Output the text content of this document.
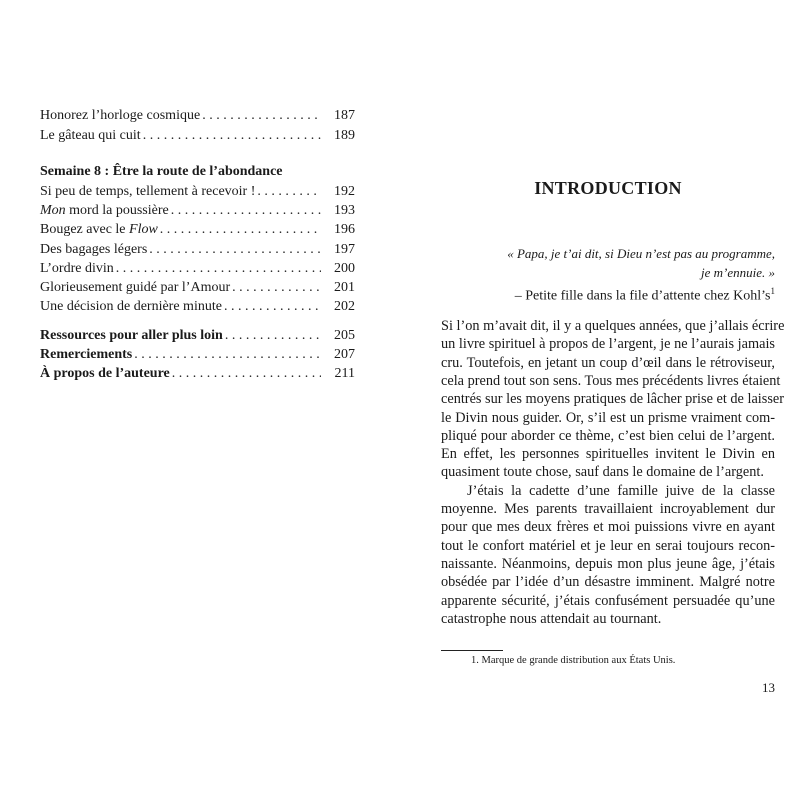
Honorez l’horloge cosmique . . .	187
Le gâteau qui cuit . . .	189
Semaine 8 : Être la route de l’abondance
Si peu de temps, tellement à recevoir ! . . .	192
Mon mord la poussière . . .	193
Bougez avec le Flow . . .	196
Des bagages légers . . .	197
L’ordre divin . . .	200
Glorieusement guidé par l’Amour . . .	201
Une décision de dernière minute . . .	202
Ressources pour aller plus loin . . .	205
Remerciements . . .	207
À propos de l’auteure . . .	211
INTRODUCTION
« Papa, je t’ai dit, si Dieu n’est pas au programme,
je m’ennuie. »
– Petite fille dans la file d’attente chez $Kohl’s^1$
Si l’on m’avait dit, il y a quelques années, que j’allais écrire
un livre spirituel à propos de l’argent, je ne l’aurais jamais
cru. Toutefois, en jetant un coup d’œil dans le rétroviseur,
cela prend tout son sens. Tous mes précédents livres étaient
centrés sur les moyens pratiques de lâcher prise et de laisser
le Divin nous guider. Or, s’il est un prisme vraiment com-
pliqué pour aborder ce thème, c’est bien celui de l’argent.
En effet, les personnes spirituelles invitent le Divin en
quasiment toute chose, sauf dans le domaine de l’argent.
J’étais la cadette d’une famille juive de la classe
moyenne. Mes parents travaillaient incroyablement dur
pour que mes deux frères et moi puissions vivre en ayant
tout le confort matériel et je leur en serai toujours recon-
naissante. Néanmoins, depuis mon plus jeune âge, j’étais
obsédée par l’idée d’un désastre imminent. Malgré notre
apparente sécurité, j’étais confusément persuadée qu’une
catastrophe nous attendait au tournant.
1. Marque de grande distribution aux États Unis.
13
